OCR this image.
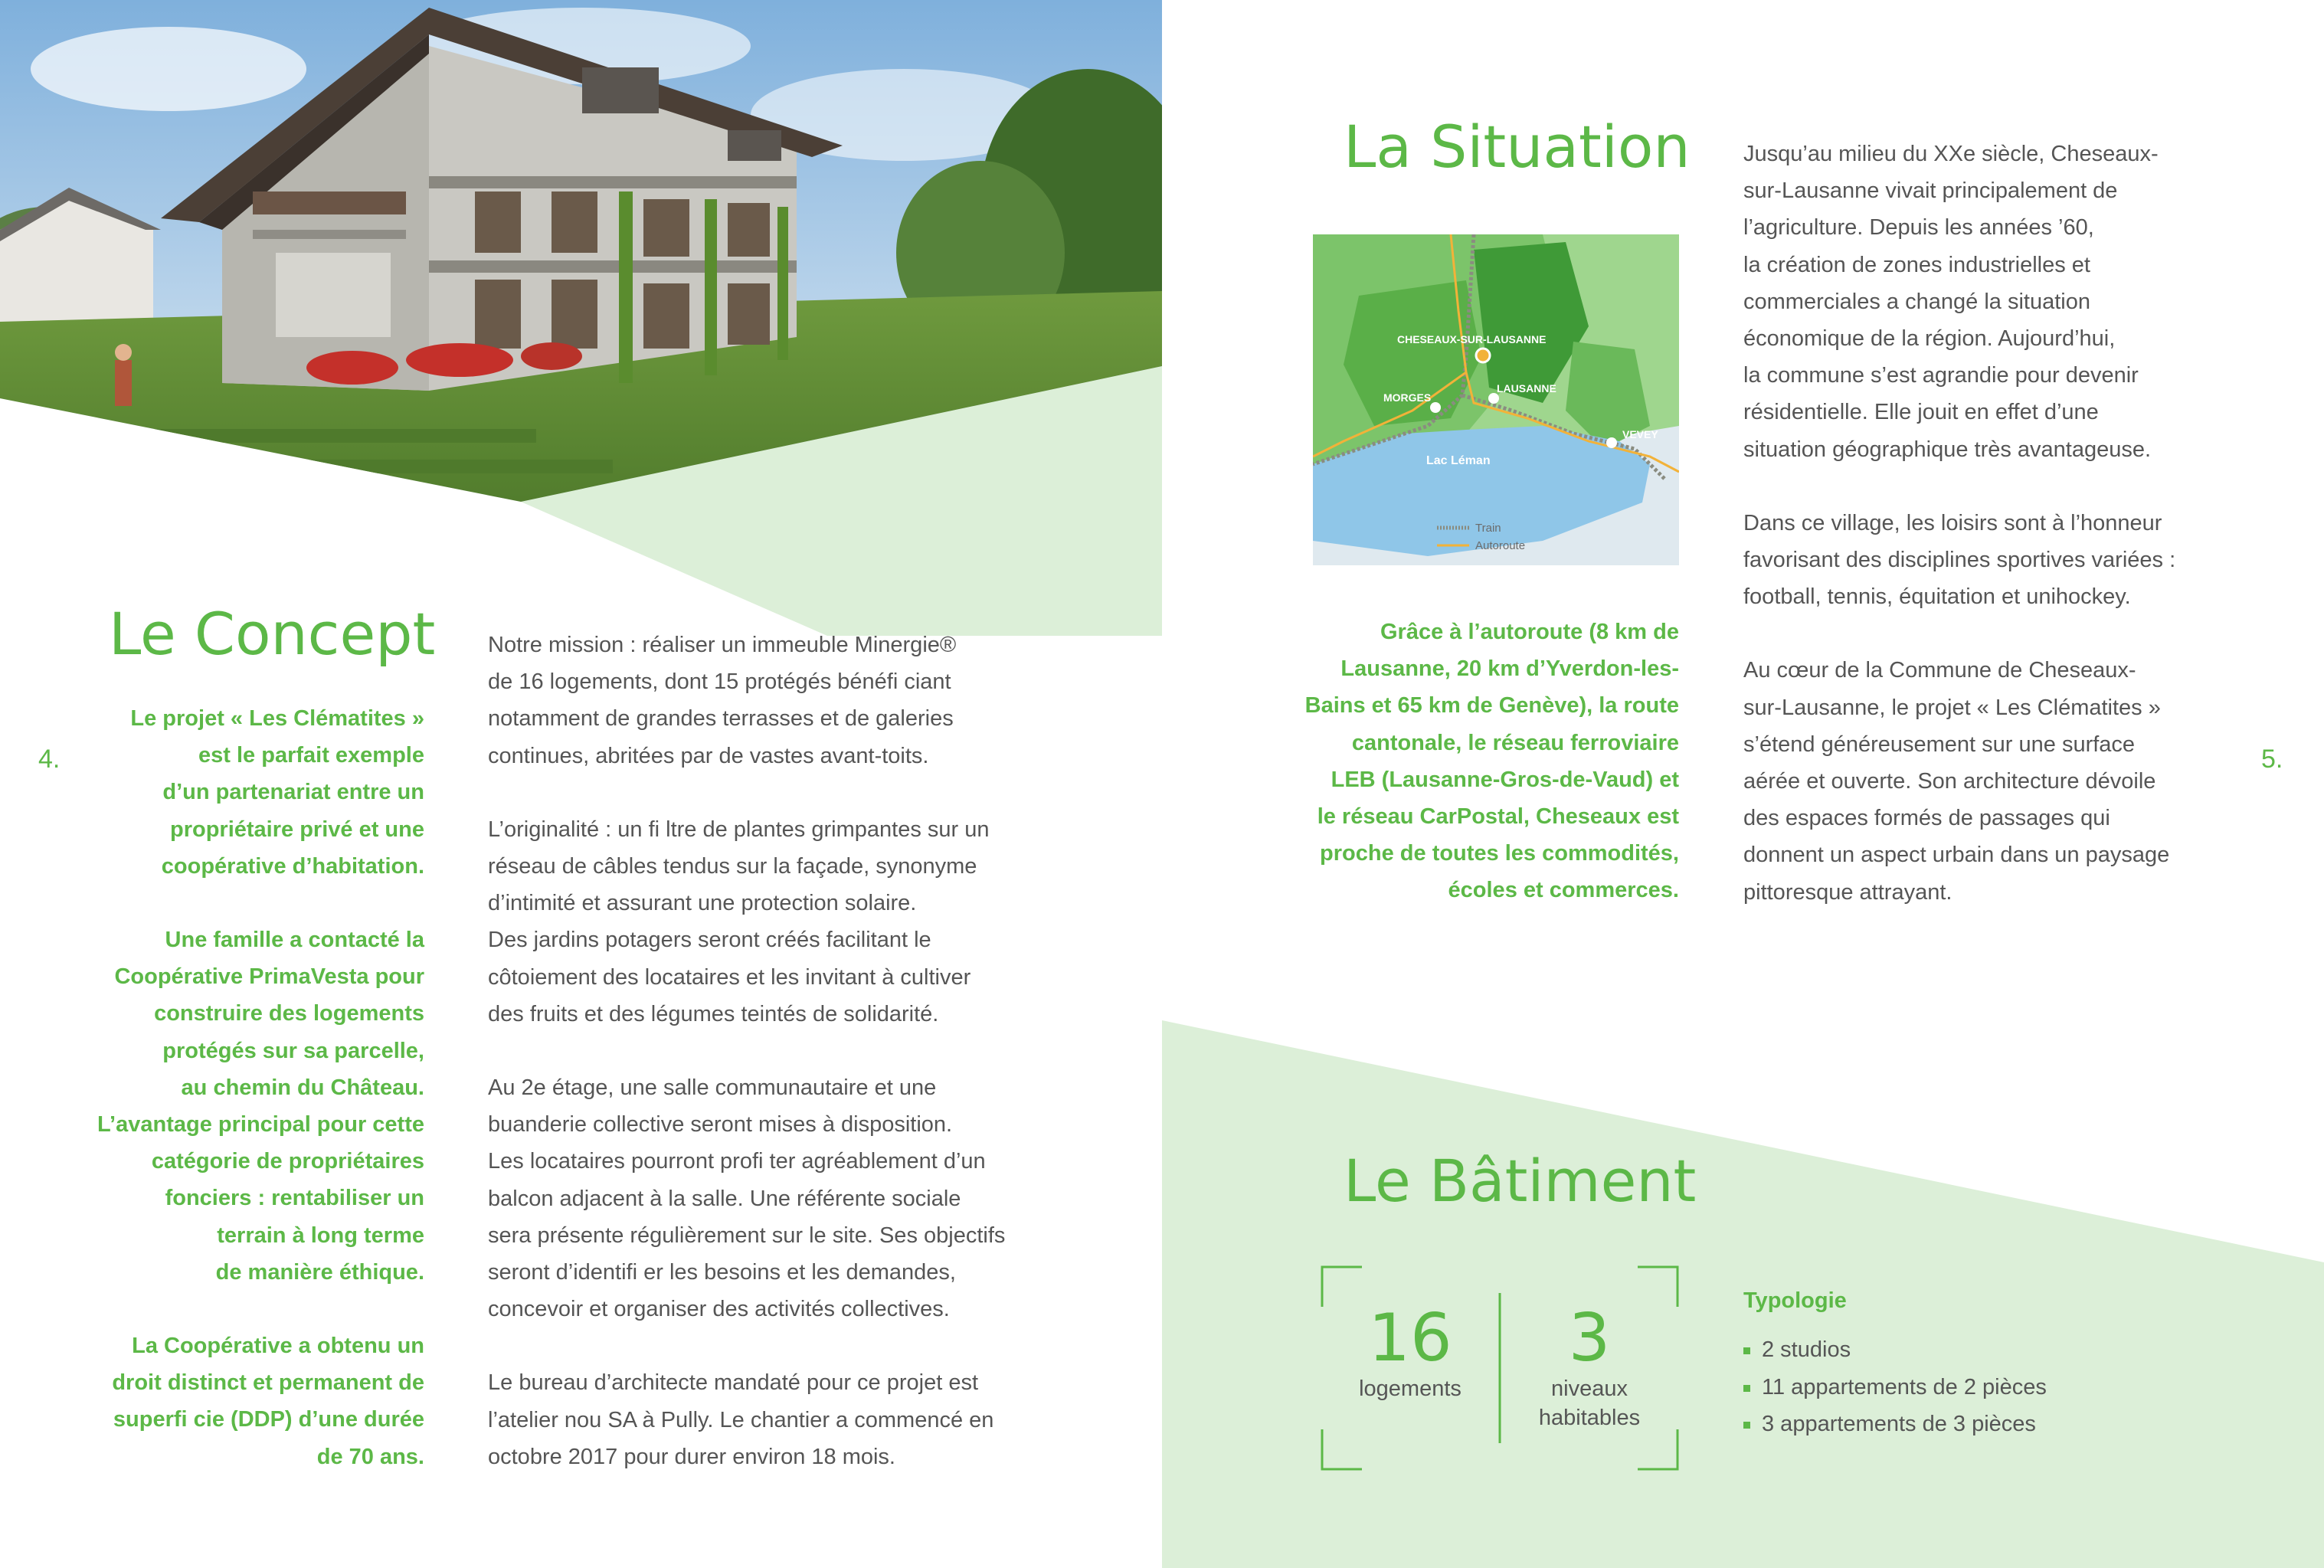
4.
Le Concept

Le projet « Les Clématites »
est le parfait exemple
d’un partenariat entre un
propriétaire privé et une
coopérative d’habitation.

Une famille a contacté la
Coopérative PrimaVesta pour
construire des logements
protégés sur sa parcelle,
au chemin du Château.
L’avantage principal pour cette
catégorie de propriétaires
fonciers : rentabiliser un
terrain à long terme
de manière éthique.

La Coopérative a obtenu un
droit distinct et permanent de
superfi cie (DDP) d’une durée
de 70 ans.

Notre mission : réaliser un immeuble Minergie®
de 16 logements, dont 15 protégés bénéfi ciant
notamment de grandes terrasses et de galeries
continues, abritées par de vastes avant-toits.

L’originalité : un fi ltre de plantes grimpantes sur un
réseau de câbles tendus sur la façade, synonyme
d’intimité et assurant une protection solaire.
Des jardins potagers seront créés facilitant le
côtoiement des locataires et les invitant à cultiver
des fruits et des légumes teintés de solidarité.

Au 2e étage, une salle communautaire et une
buanderie collective seront mises à disposition.
Les locataires pourront profi ter agréablement d’un
balcon adjacent à la salle. Une référente sociale
sera présente régulièrement sur le site. Ses objectifs
seront d’identifi er les besoins et les demandes,
concevoir et organiser des activités collectives.

Le bureau d’architecte mandaté pour ce projet est
l’atelier nou SA à Pully. Le chantier a commencé en
octobre 2017 pour durer environ 18 mois.

5.
La Situation
CHESEAUX-SUR-LAUSANNE
MORGES
LAUSANNE
VEVEY
Lac Léman
Train
Autoroute

Grâce à l’autoroute (8 km de
Lausanne, 20 km d’Yverdon-les-
Bains et 65 km de Genève), la route
cantonale, le réseau ferroviaire
LEB (Lausanne-Gros-de-Vaud) et
le réseau CarPostal, Cheseaux est
proche de toutes les commodités,
écoles et commerces.

Jusqu’au milieu du XXe siècle, Cheseaux-
sur-Lausanne vivait principalement de
l’agriculture. Depuis les années ’60,
la création de zones industrielles et
commerciales a changé la situation
économique de la région. Aujourd’hui,
la commune s’est agrandie pour devenir
résidentielle. Elle jouit en effet d’une
situation géographique très avantageuse.

Dans ce village, les loisirs sont à l’honneur
favorisant des disciplines sportives variées :
football, tennis, équitation et unihockey.

Au cœur de la Commune de Cheseaux-
sur-Lausanne, le projet « Les Clématites »
s’étend généreusement sur une surface
aérée et ouverte. Son architecture dévoile
des espaces formés de passages qui
donnent un aspect urbain dans un paysage
pittoresque attrayant.

Le Bâtiment
16
logements
3
niveaux
habitables
Typologie
2 studios
11 appartements de 2 pièces
3 appartements de 3 pièces
